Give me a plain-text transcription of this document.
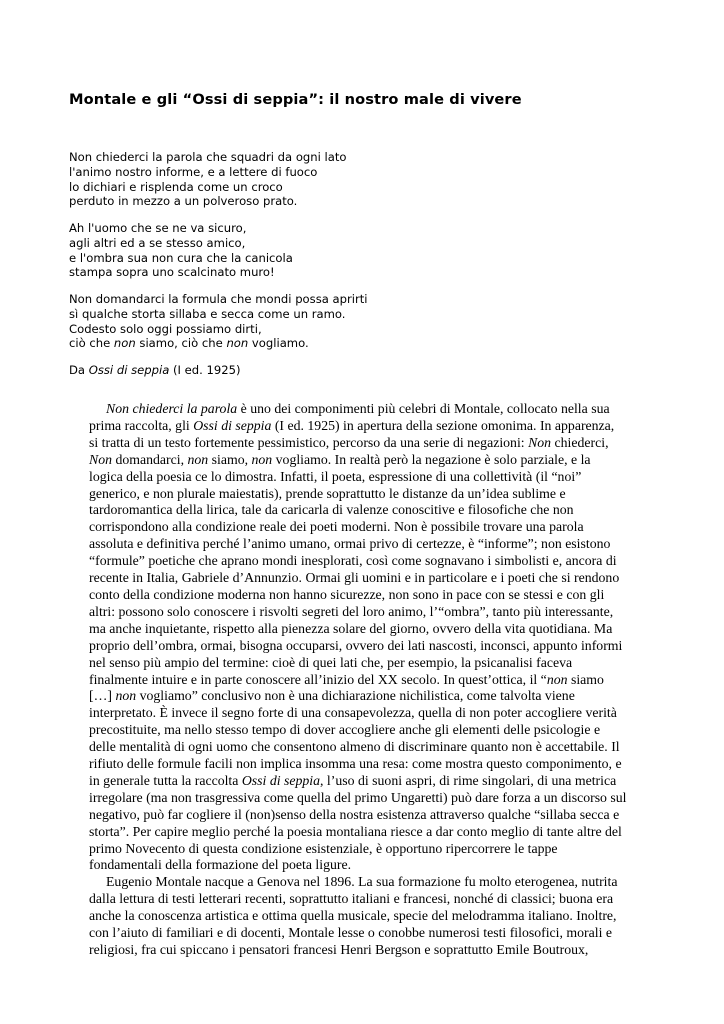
Montale e gli “Ossi di seppia”: il nostro male di vivere
Non chiederci la parola che squadri da ogni lato
l'animo nostro informe, e a lettere di fuoco
lo dichiari e risplenda come un croco
perduto in mezzo a un polveroso prato.
Ah l'uomo che se ne va sicuro,
agli altri ed a se stesso amico,
e l'ombra sua non cura che la canicola
stampa sopra uno scalcinato muro!
Non domandarci la formula che mondi possa aprirti
sì qualche storta sillaba e secca come un ramo.
Codesto solo oggi possiamo dirti,
ciò che non siamo, ciò che non vogliamo.
Da Ossi di seppia (I ed. 1925)

Non chiederci la parola è uno dei componimenti più celebri di Montale, collocato nella sua
prima raccolta, gli Ossi di seppia (I ed. 1925) in apertura della sezione omonima. In apparenza,
si tratta di un testo fortemente pessimistico, percorso da una serie di negazioni: Non chiederci,
Non domandarci, non siamo, non vogliamo. In realtà però la negazione è solo parziale, e la
logica della poesia ce lo dimostra. Infatti, il poeta, espressione di una collettività (il “noi”
generico, e non plurale maiestatis), prende soprattutto le distanze da un’idea sublime e
tardoromantica della lirica, tale da caricarla di valenze conoscitive e filosofiche che non
corrispondono alla condizione reale dei poeti moderni. Non è possibile trovare una parola
assoluta e definitiva perché l’animo umano, ormai privo di certezze, è “informe”; non esistono
“formule” poetiche che aprano mondi inesplorati, così come sognavano i simbolisti e, ancora di
recente in Italia, Gabriele d’Annunzio. Ormai gli uomini e in particolare e i poeti che si rendono
conto della condizione moderna non hanno sicurezze, non sono in pace con se stessi e con gli
altri: possono solo conoscere i risvolti segreti del loro animo, l’“ombra”, tanto più interessante,
ma anche inquietante, rispetto alla pienezza solare del giorno, ovvero della vita quotidiana. Ma
proprio dell’ombra, ormai, bisogna occuparsi, ovvero dei lati nascosti, inconsci, appunto informi
nel senso più ampio del termine: cioè di quei lati che, per esempio, la psicanalisi faceva
finalmente intuire e in parte conoscere all’inizio del XX secolo. In quest’ottica, il “non siamo
[…] non vogliamo” conclusivo non è una dichiarazione nichilistica, come talvolta viene
interpretato. È invece il segno forte di una consapevolezza, quella di non poter accogliere verità
precostituite, ma nello stesso tempo di dover accogliere anche gli elementi delle psicologie e
delle mentalità di ogni uomo che consentono almeno di discriminare quanto non è accettabile. Il
rifiuto delle formule facili non implica insomma una resa: come mostra questo componimento, e
in generale tutta la raccolta Ossi di seppia, l’uso di suoni aspri, di rime singolari, di una metrica
irregolare (ma non trasgressiva come quella del primo Ungaretti) può dare forza a un discorso sul
negativo, può far cogliere il (non)senso della nostra esistenza attraverso qualche “sillaba secca e
storta”. Per capire meglio perché la poesia montaliana riesce a dar conto meglio di tante altre del
primo Novecento di questa condizione esistenziale, è opportuno ripercorrere le tappe
fondamentali della formazione del poeta ligure.

Eugenio Montale nacque a Genova nel 1896. La sua formazione fu molto eterogenea, nutrita
dalla lettura di testi letterari recenti, soprattutto italiani e francesi, nonché di classici; buona era
anche la conoscenza artistica e ottima quella musicale, specie del melodramma italiano. Inoltre,
con l’aiuto di familiari e di docenti, Montale lesse o conobbe numerosi testi filosofici, morali e
religiosi, fra cui spiccano i pensatori francesi Henri Bergson e soprattutto Emile Boutroux,
